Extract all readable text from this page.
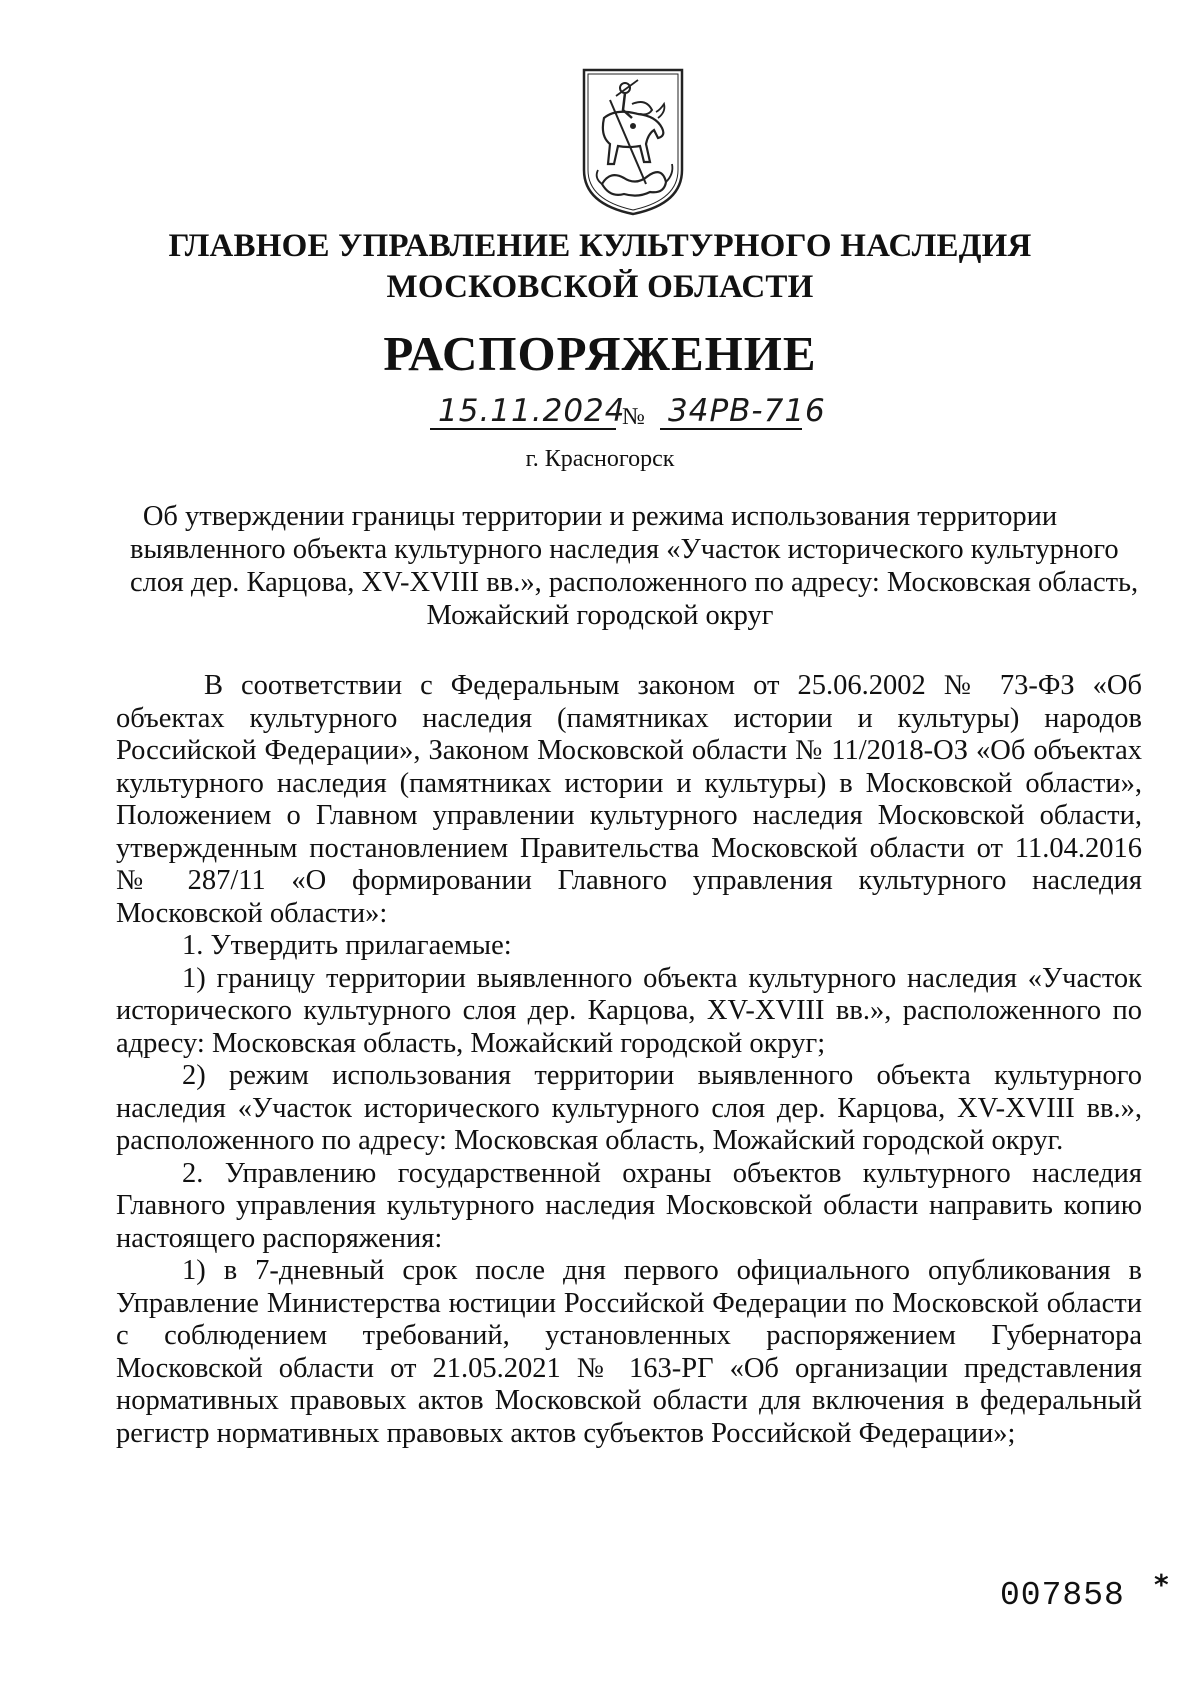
ГЛАВНОЕ УПРАВЛЕНИЕ КУЛЬТУРНОГО НАСЛЕДИЯ
МОСКОВСКОЙ ОБЛАСТИ
РАСПОРЯЖЕНИЕ
15.11.2024
№ 34РВ-716
г. Красногорск
Об утверждении границы территории и режима использования территории
выявленного объекта культурного наследия «Участок исторического культурного
слоя дер. Карцова, XV-XVIII вв.», расположенного по адресу: Московская область,
Можайский городской округ

В соответствии с Федеральным законом от 25.06.2002 № 73-ФЗ «Об объектах культурного наследия (памятниках истории и культуры) народов Российской Федерации», Законом Московской области № 11/2018-ОЗ «Об объектах культурного наследия (памятниках истории и культуры) в Московской области», Положением о Главном управлении культурного наследия Московской области, утвержденным постановлением Правительства Московской области от 11.04.2016 № 287/11 «О формировании Главного управления культурного наследия Московской области»:

1. Утвердить прилагаемые:

1) границу территории выявленного объекта культурного наследия «Участок исторического культурного слоя дер. Карцова, XV-XVIII вв.», расположенного по адресу: Московская область, Можайский городской округ;

2) режим использования территории выявленного объекта культурного наследия «Участок исторического культурного слоя дер. Карцова, XV-XVIII вв.», расположенного по адресу: Московская область, Можайский городской округ.

2. Управлению государственной охраны объектов культурного наследия Главного управления культурного наследия Московской области направить копию настоящего распоряжения:

1) в 7-дневный срок после дня первого официального опубликования в Управление Министерства юстиции Российской Федерации по Московской области с соблюдением требований, установленных распоряжением Губернатора Московской области от 21.05.2021 № 163-РГ «Об организации представления нормативных правовых актов Московской области для включения в федеральный регистр нормативных правовых актов субъектов Российской Федерации»;

007858 *
